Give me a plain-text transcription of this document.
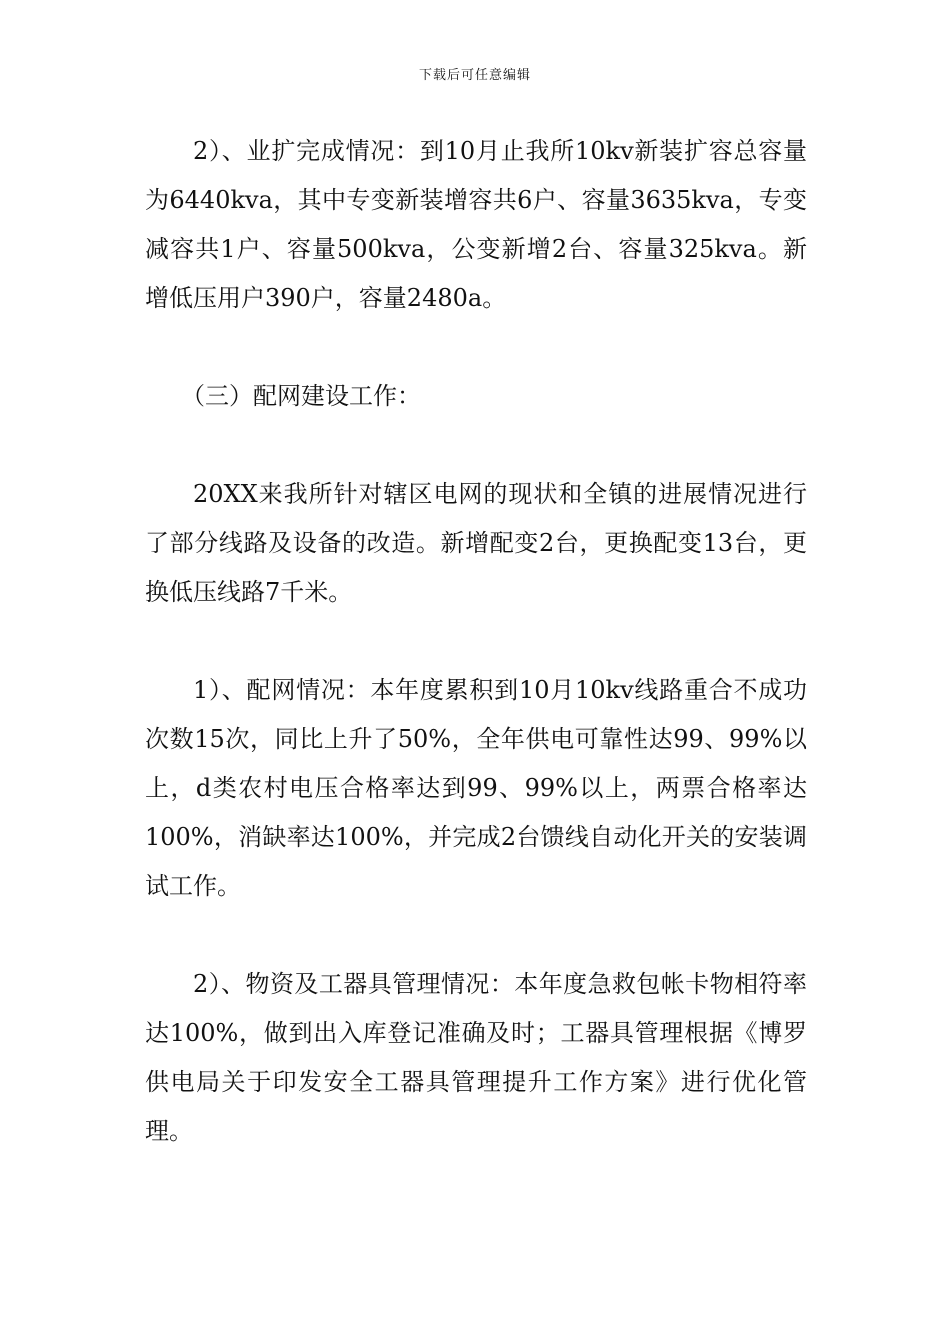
下载后可任意编辑

2）、业扩完成情况：到10月止我所10kv新装扩容总容量为6440kva，其中专变新装增容共6户、容量3635kva，专变减容共1户、容量500kva，公变新增2台、容量325kva。新增低压用户390户，容量2480a。

（三）配网建设工作：

20XX来我所针对辖区电网的现状和全镇的进展情况进行了部分线路及设备的改造。新增配变2台，更换配变13台，更换低压线路7千米。

1）、配网情况：本年度累积到10月10kv线路重合不成功次数15次，同比上升了50%，全年供电可靠性达99、99%以上，d类农村电压合格率达到99、99%以上，两票合格率达100%，消缺率达100%，并完成2台馈线自动化开关的安装调试工作。

2）、物资及工器具管理情况：本年度急救包帐卡物相符率达100%，做到出入库登记准确及时；工器具管理根据《博罗供电局关于印发安全工器具管理提升工作方案》进行优化管理。
